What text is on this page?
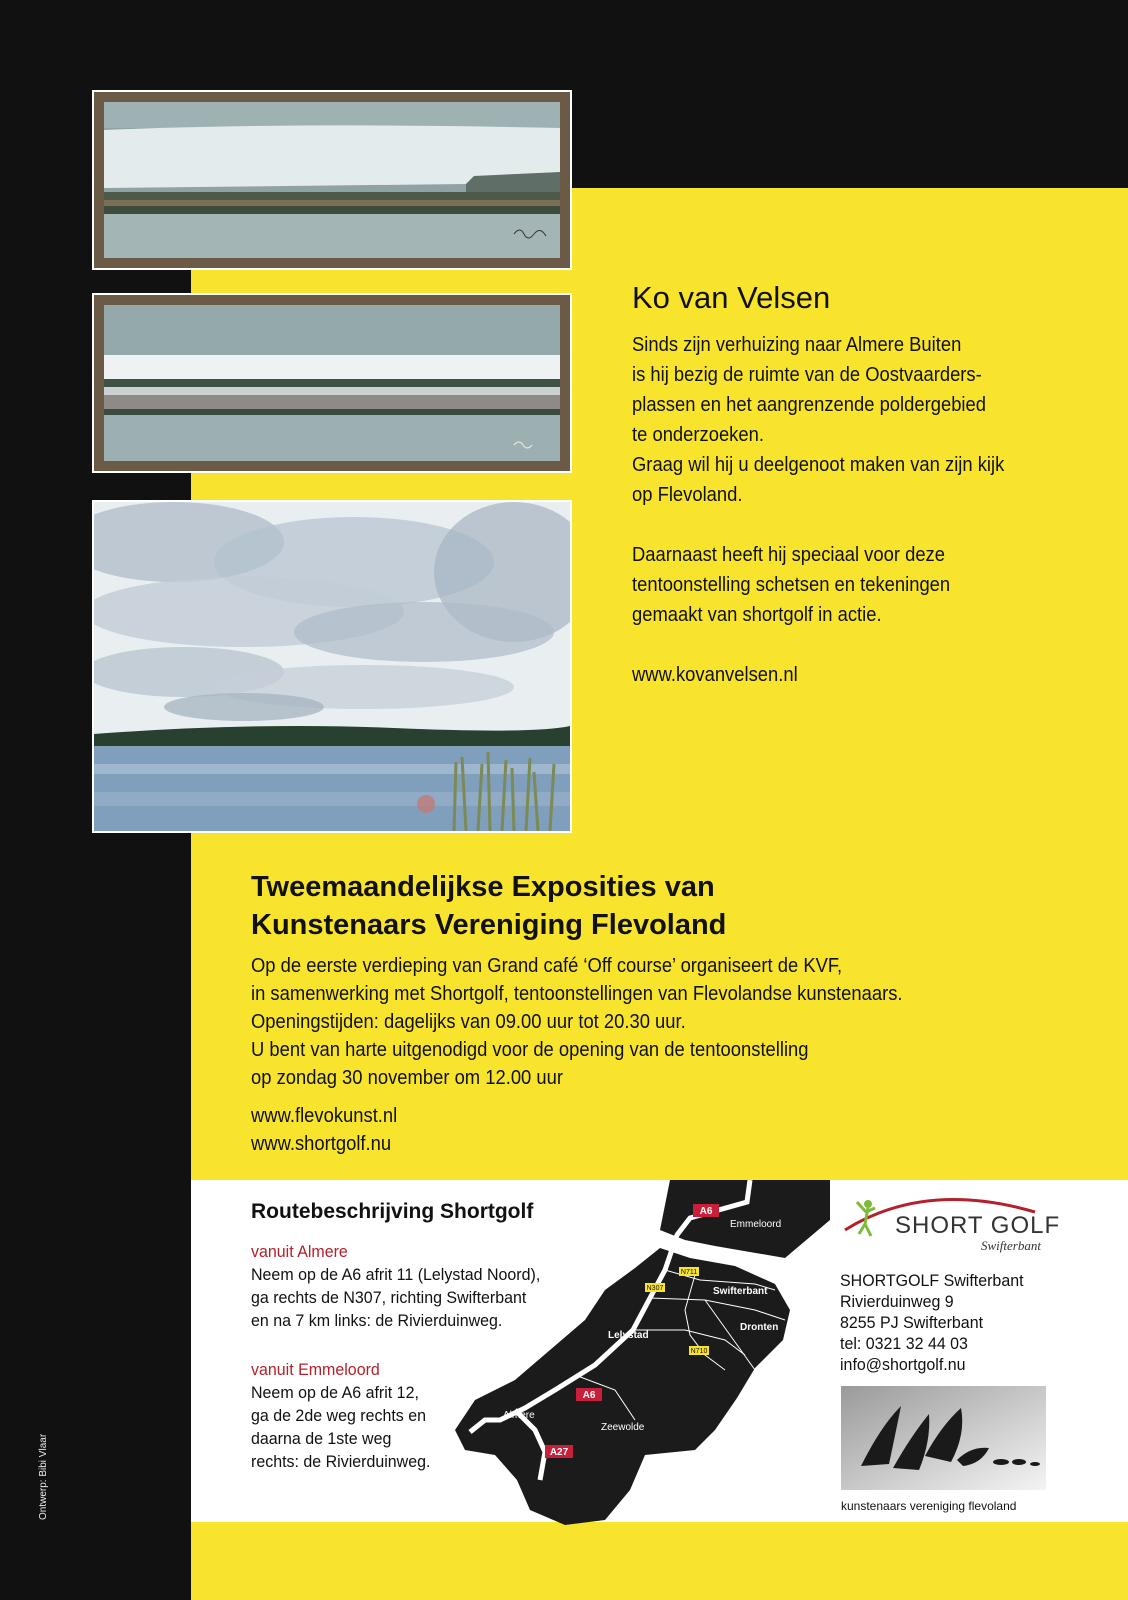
Ko van Velsen

Sinds zijn verhuizing naar Almere Buiten
is hij bezig de ruimte van de Oostvaarders-
plassen en het aangrenzende poldergebied
te onderzoeken.
Graag wil hij u deelgenoot maken van zijn kijk
op Flevoland.

Daarnaast heeft hij speciaal voor deze
tentoonstelling schetsen en tekeningen
gemaakt van shortgolf in actie.

www.kovanvelsen.nl

Tweemaandelijkse Exposities van
Kunstenaars Vereniging Flevoland
Op de eerste verdieping van Grand café ‘Off course’ organiseert de KVF,
in samenwerking met Shortgolf, tentoonstellingen van Flevolandse kunstenaars.
Openingstijden: dagelijks van 09.00 uur tot 20.30 uur.
U bent van harte uitgenodigd voor de opening van de tentoonstelling
op zondag 30 november om 12.00 uur
www.flevokunst.nl
www.shortgolf.nu
Routebeschrijving Shortgolf
vanuit Almere
Neem op de A6 afrit 11 (Lelystad Noord),
ga rechts de N307, richting Swifterbant
en na 7 km links: de Rivierduinweg.
vanuit Emmeloord
Neem op de A6 afrit 12,
ga de 2de weg rechts en
daarna de 1ste weg
rechts: de Rivierduinweg.
A6
Emmeloord
N711
N307	Swifterbant
Dronten
Lelystad
N710
A6
Almere
Zeewolde
A27
SHORT GOLF
Swifterbant
SHORTGOLF Swifterbant
Rivierduinweg 9
8255 PJ Swifterbant
tel: 0321 32 44 03
info@shortgolf.nu
kunstenaars vereniging flevoland
Ontwerp: Bibi Vlaar
